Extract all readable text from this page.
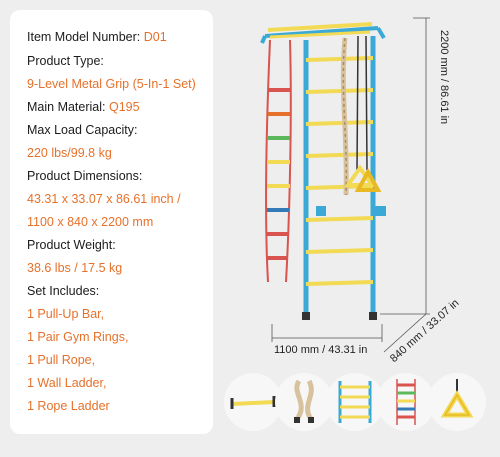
Item Model Number: D01
Product Type:
9-Level Metal Grip (5-In-1 Set)
Main Material: Q195
Max Load Capacity:
220 lbs/99.8 kg
Product Dimensions:
43.31 x 33.07 x 86.61 inch /
1100 x 840 x 2200 mm
Product Weight:
38.6 lbs / 17.5 kg
Set Includes:
1 Pull-Up Bar,
1 Pair Gym Rings,
1 Pull Rope,
1 Wall Ladder,
1 Rope Ladder
2200 mm / 86.61 in
1100 mm / 43.31 in 840 mm / 33.07 in
